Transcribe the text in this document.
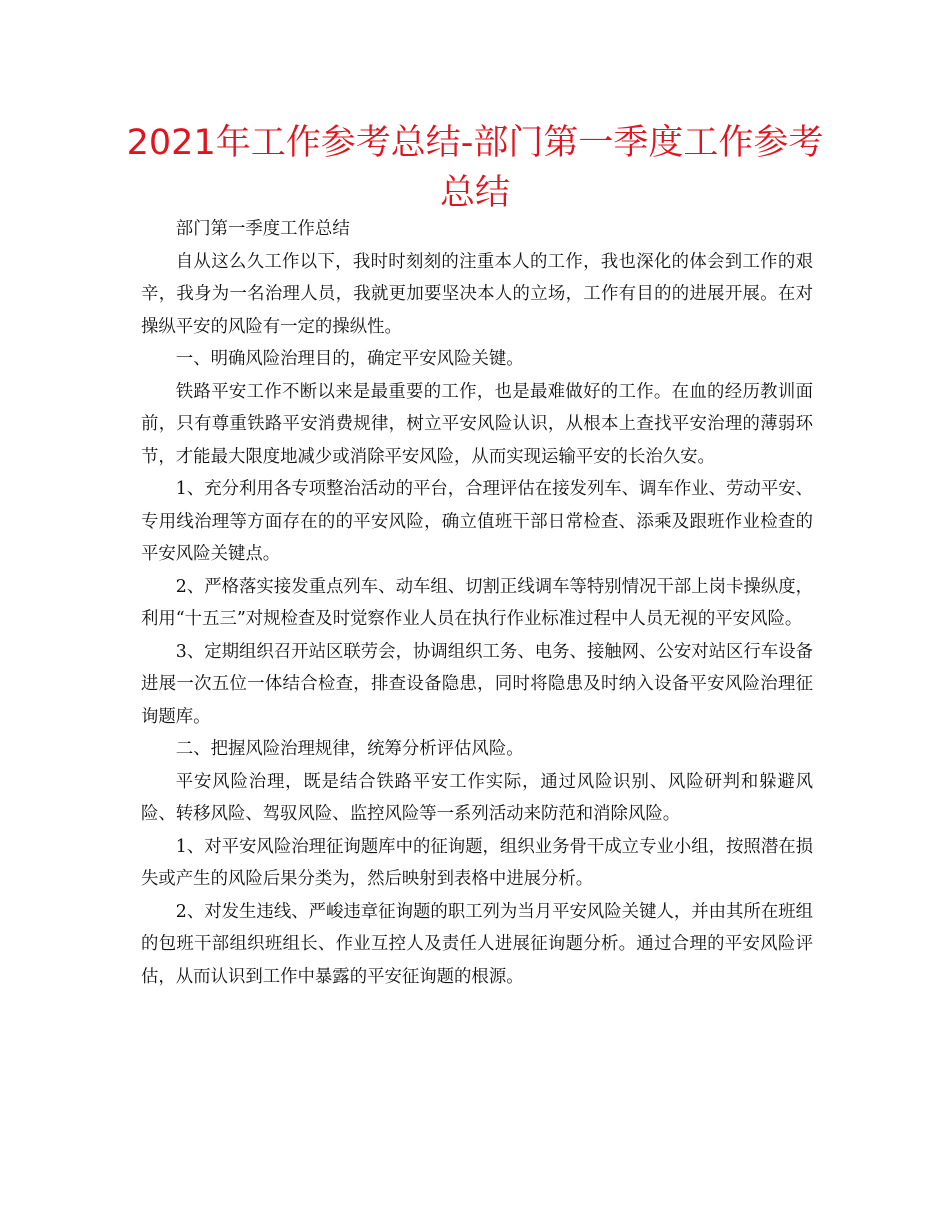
2021年工作参考总结-部门第一季度工作参考总结

部门第一季度工作总结

自从这么久工作以下，我时时刻刻的注重本人的工作，我也深化的体会到工作的艰辛，我身为一名治理人员，我就更加要坚决本人的立场，工作有目的的进展开展。在对操纵平安的风险有一定的操纵性。

一、明确风险治理目的，确定平安风险关键。

铁路平安工作不断以来是最重要的工作，也是最难做好的工作。在血的经历教训面前，只有尊重铁路平安消费规律，树立平安风险认识，从根本上查找平安治理的薄弱环节，才能最大限度地减少或消除平安风险，从而实现运输平安的长治久安。

1、充分利用各专项整治活动的平台，合理评估在接发列车、调车作业、劳动平安、专用线治理等方面存在的的平安风险，确立值班干部日常检查、添乘及跟班作业检查的平安风险关键点。

2、严格落实接发重点列车、动车组、切割正线调车等特别情况干部上岗卡操纵度，利用“十五三”对规检查及时觉察作业人员在执行作业标准过程中人员无视的平安风险。

3、定期组织召开站区联劳会，协调组织工务、电务、接触网、公安对站区行车设备进展一次五位一体结合检查，排查设备隐患，同时将隐患及时纳入设备平安风险治理征询题库。

二、把握风险治理规律，统筹分析评估风险。

平安风险治理，既是结合铁路平安工作实际，通过风险识别、风险研判和躲避风险、转移风险、驾驭风险、监控风险等一系列活动来防范和消除风险。

1、对平安风险治理征询题库中的征询题，组织业务骨干成立专业小组，按照潜在损失或产生的风险后果分类为，然后映射到表格中进展分析。

2、对发生违线、严峻违章征询题的职工列为当月平安风险关键人，并由其所在班组的包班干部组织班组长、作业互控人及责任人进展征询题分析。通过合理的平安风险评估，从而认识到工作中暴露的平安征询题的根源。
